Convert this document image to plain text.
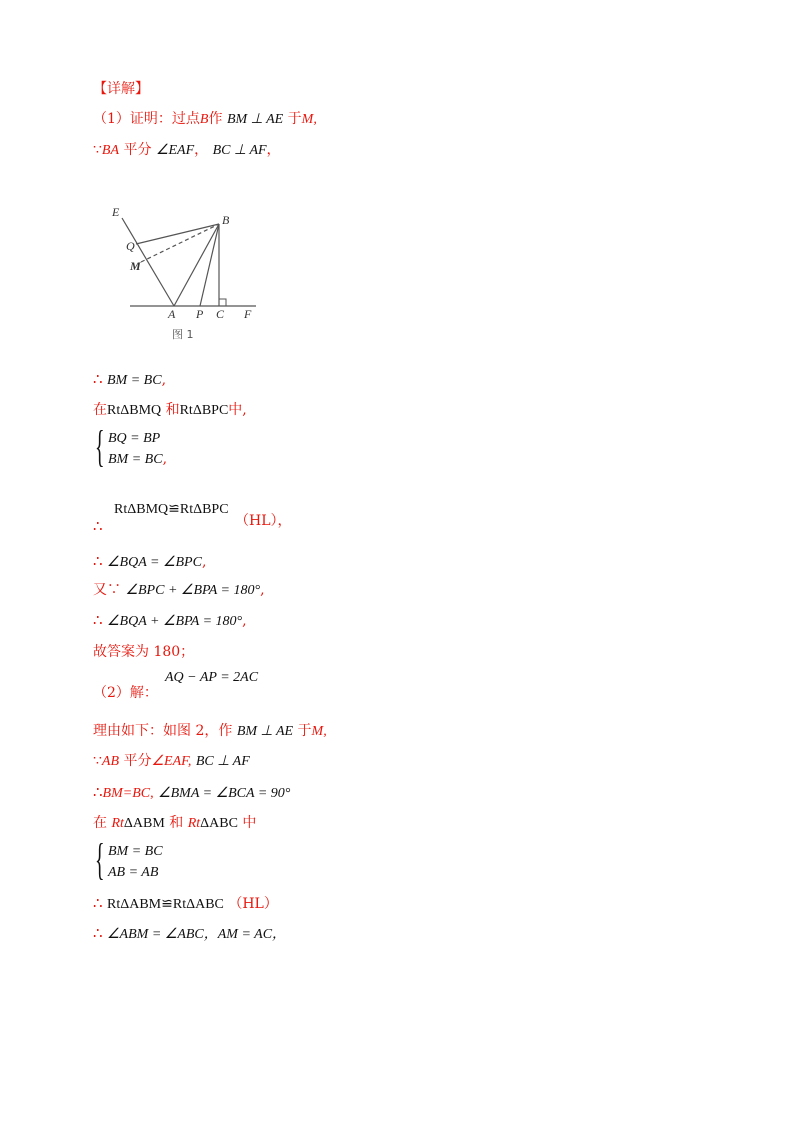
【详解】
（1）证明：过点B作 BM ⊥ AE 于M,
∵BA 平分 ∠EAF， BC ⊥ AF，
E
B
Q
M
A P C F
图 1
∴ BM = BC,
在RtΔBMQ 和RtΔBPC中,
{ BQ = BP
BM = BC,
RtΔBMQ≌RtΔBPC
∴	（HL），
∴ ∠BQA = ∠BPC,
又∵ ∠BPC + ∠BPA = 180°,
∴ ∠BQA + ∠BPA = 180°,
故答案为 180；
AQ − AP = 2AC
（2）解：
理由如下：如图 2，作 BM ⊥ AE 于M,
∵AB 平分∠EAF, BC ⊥ AF
∴BM=BC, ∠BMA = ∠BCA = 90°
在 RtΔABM 和 RtΔABC 中
{ BM = BC
AB = AB
∴ RtΔABM≌RtΔABC （HL）
∴ ∠ABM = ∠ABC，AM = AC，
